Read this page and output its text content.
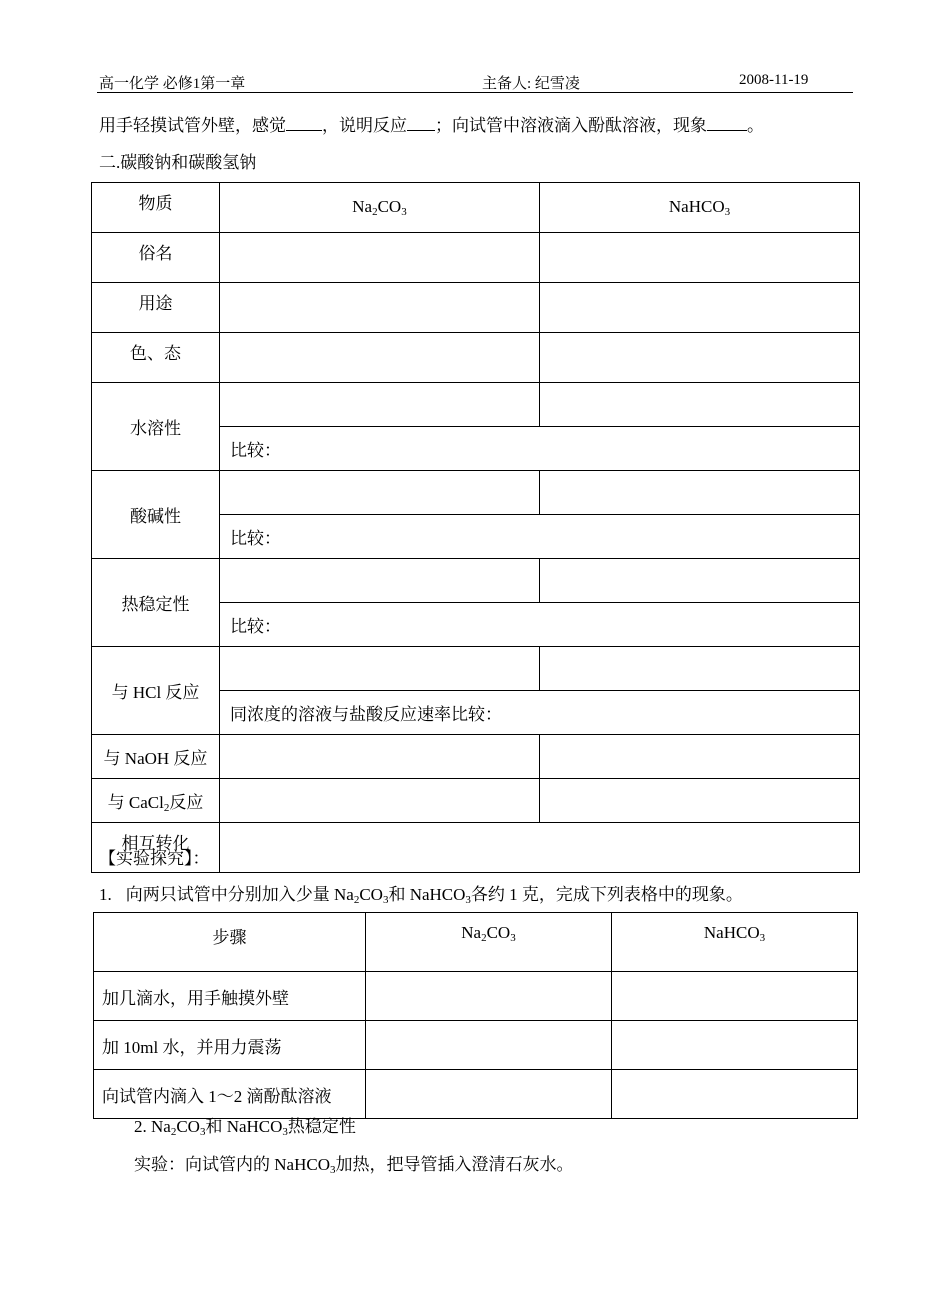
高一化学 必修1第一章	主备人: 纪雪凌	2008-11-19
用手轻摸试管外壁，感觉 ，说明反应 ；向试管中溶液滴入酚酞溶液，现象 。
二.碳酸钠和碳酸氢钠
物质	$Na_2CO_3$	NaHCO$_3$
俗名		
用途		
色、态		
水溶性		
	比较：	
酸碱性		
	比较：	
热稳定性		
	比较：	
与 HCl 反应		
	同浓度的溶液与盐酸反应速率比较：	
与 NaOH 反应		
与 CaCl$_2$反应		
相互转化		
【实验探究】：
1. 向两只试管中分别加入少量 $Na_2CO_3$和 NaHCO$_3$各约 1 克，完成下列表格中的现象。
步骤	$Na_2CO_3$	NaHCO$_3$
加几滴水，用手触摸外壁		
加 10ml 水，并用力震荡		
向试管内滴入 1～2 滴酚酞溶液		
2. $Na_2CO_3$和 NaHCO$_3$热稳定性
实验：向试管内的 NaHCO$_3$加热，把导管插入澄清石灰水。
